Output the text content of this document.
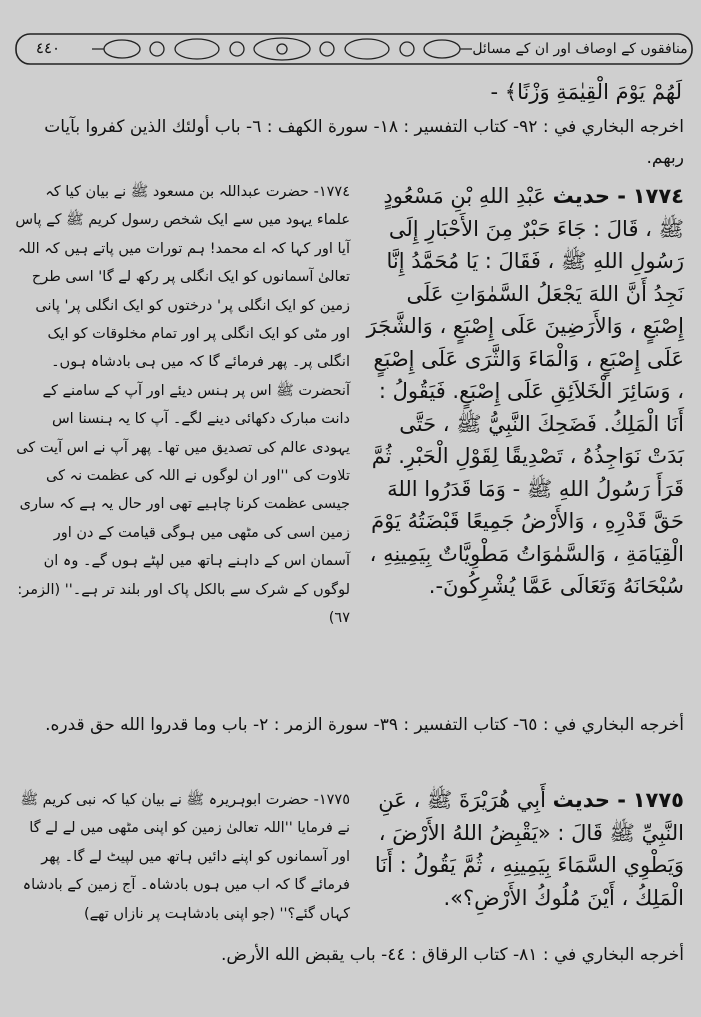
٤٤٠	منافقوں کے اوصاف اور ان کے مسائل

لَهُمْ يَوْمَ الْقِيٰمَةِ وَزْنًا﴾ -

اخرجه البخاري في : ٩٢- كتاب التفسير : ١٨- سورة الكهف : ٦- باب أولئك الذين كفروا بآيات ربهم.

١٧٧٤ - حديث عَبْدِ اللهِ بْنِ مَسْعُودٍ ﷺ ، قَالَ : جَاءَ حَبْرٌ مِنَ الأَحْبَارِ إِلَى رَسُولِ اللهِ ﷺ ، فَقَالَ : يَا مُحَمَّدُ إِنَّا نَجِدُ أَنَّ اللهَ يَجْعَلُ السَّمٰوَاتِ عَلَى إِصْبَعٍ ، وَالأَرَضِينَ عَلَى إِصْبَعٍ ، وَالشَّجَرَ عَلَى إِصْبَعٍ ، وَالْمَاءَ وَالثَّرَى عَلَى إِصْبَعٍ ، وَسَائِرَ الْخَلاَئِقِ عَلَى إِصْبَعٍ. فَيَقُولُ : أَنَا الْمَلِكُ. فَضَحِكَ النَّبِيُّ ﷺ ، حَتَّى بَدَتْ نَوَاجِذُهُ ، تَصْدِيقًا لِقَوْلِ الْحَبْرِ. ثُمَّ قَرَأَ رَسُولُ اللهِ ﷺ - وَمَا قَدَرُوا اللهَ حَقَّ قَدْرِهِ ، وَالأَرْضُ جَمِيعًا قَبْضَتُهُ يَوْمَ الْقِيَامَةِ ، وَالسَّمٰوَاتُ مَطْوِيَّاتٌ بِيَمِينِهِ ، سُبْحَانَهُ وَتَعَالَى عَمَّا يُشْرِكُونَ-.

١٧٧٤- حضرت عبداللہ بن مسعود ﷺ نے بیان کیا کہ علماء یہود میں سے ایک شخص رسول کریم ﷺ کے پاس آیا اور کہا کہ اے محمد! ہم تورات میں پاتے ہیں کہ اللہ تعالیٰ آسمانوں کو ایک انگلی پر رکھ لے گا' اسی طرح زمین کو ایک انگلی پر' درختوں کو ایک انگلی پر' پانی اور مٹی کو ایک انگلی پر اور تمام مخلوقات کو ایک انگلی پر۔ پھر فرمائے گا کہ میں ہی بادشاہ ہوں۔ آنحضرت ﷺ اس پر ہنس دیئے اور آپ کے سامنے کے دانت مبارک دکھائی دینے لگے۔ آپ کا یہ ہنسنا اس یہودی عالم کی تصدیق میں تھا۔ پھر آپ نے اس آیت کی تلاوت کی ''اور ان لوگوں نے اللہ کی عظمت نہ کی جیسی عظمت کرنا چاہیے تھی اور حال یہ ہے کہ ساری زمین اسی کی مٹھی میں ہوگی قیامت کے دن اور آسمان اس کے داہنے ہاتھ میں لپٹے ہوں گے۔ وہ ان لوگوں کے شرک سے بالکل پاک اور بلند تر ہے۔'' (الزمر: ٦٧)

أخرجه البخاري في : ٦٥- كتاب التفسير : ٣٩- سورة الزمر : ٢- باب وما قدروا الله حق قدره.

١٧٧٥ - حديث أَبِي هُرَيْرَةَ ﷺ ، عَنِ النَّبِيِّ ﷺ قَالَ : «يَقْبِضُ اللهُ الأَرْضَ ، وَيَطْوِي السَّمَاءَ بِيَمِينِهِ ، ثُمَّ يَقُولُ : أَنَا الْمَلِكُ ، أَيْنَ مُلُوكُ الأَرْضِ؟».

١٧٧٥- حضرت ابوہریرہ ﷺ نے بیان کیا کہ نبی کریم ﷺ نے فرمایا ''اللہ تعالیٰ زمین کو اپنی مٹھی میں لے لے گا اور آسمانوں کو اپنے دائیں ہاتھ میں لپیٹ لے گا۔ پھر فرمائے گا کہ اب میں ہوں بادشاہ۔ آج زمین کے بادشاہ کہاں گئے؟'' (جو اپنی بادشاہت پر نازاں تھے)

أخرجه البخاري في : ٨١- كتاب الرقاق : ٤٤- باب يقبض الله الأرض.
